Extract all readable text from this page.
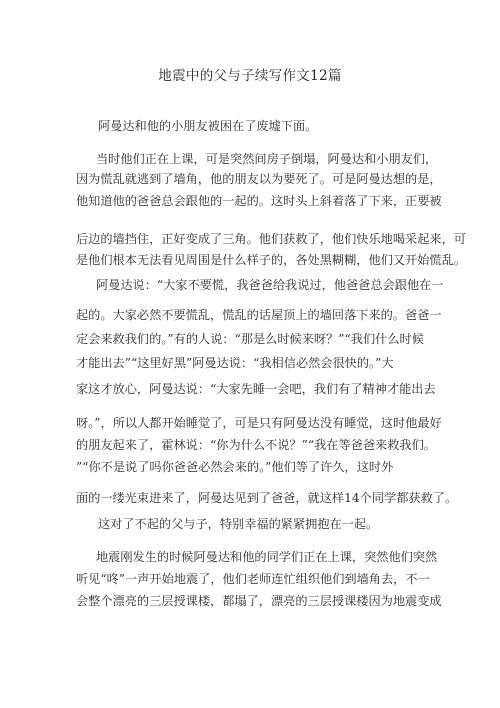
地震中的父与子续写作文12篇
阿曼达和他的小朋友被困在了废墟下面。
当时他们正在上课，可是突然间房子倒塌，阿曼达和小朋友们，
因为慌乱就逃到了墙角，他的朋友以为要死了。可是阿曼达想的是，
他知道他的爸爸总会跟他的一起的。这时头上斜着落了下来，正要被
后边的墙挡住，正好变成了三角。他们获救了，他们快乐地喝采起来，可
是他们根本无法看见周围是什么样子的，各处黑糊糊，他们又开始慌乱。
阿曼达说：“大家不要慌，我爸爸给我说过，他爸爸总会跟他在一
起的。大家必然不要慌乱，慌乱的话屋顶上的墙回落下来的。爸爸一
定会来救我们的。”有的人说：“那是么时候来呀？”“我们什么时候
才能出去”“这里好黑”阿曼达说：“我相信必然会很快的。”大
家这才放心，阿曼达说：“大家先睡一会吧，我们有了精神才能出去
呀。”，所以人都开始睡觉了，可是只有阿曼达没有睡觉，这时他最好
的朋友起来了，霍林说：“你为什么不说？”“我在等爸爸来救我们。
”“你不是说了吗你爸爸必然会来的。”他们等了许久，这时外
面的一缕光束进来了，阿曼达见到了爸爸，就这样14个同学都获救了。
这对了不起的父与子，特别幸福的紧紧拥抱在一起。
地震刚发生的时候阿曼达和他的同学们正在上课，突然他们突然
听见“咚”一声开始地震了，他们老师连忙组织他们到墙角去，不一
会整个漂亮的三层授课楼，都塌了，漂亮的三层授课楼因为地震变成
